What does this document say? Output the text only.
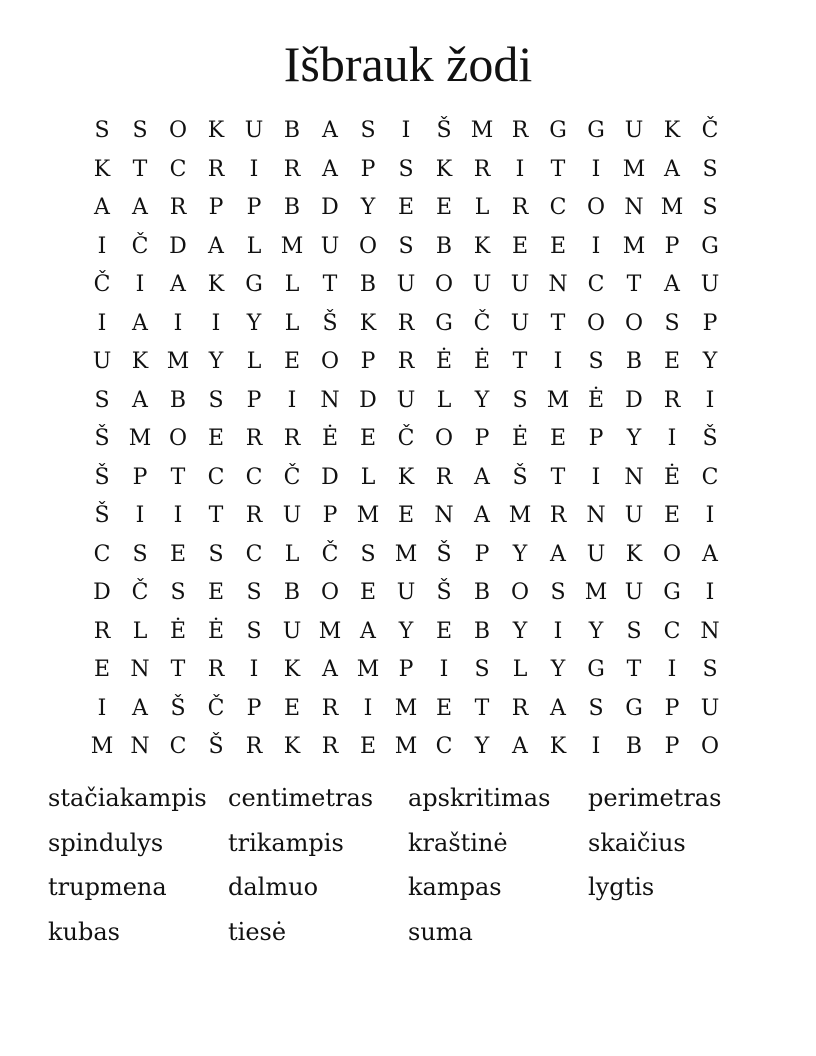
Išbrauk žodi
S	S O K U B A	S	I	Š M R G G U K Č
K	T	C R	I	R A	P	S	K R	I	T	I	M A	S
A	A R	P	P	B D Y	E E	L	R C O N M S
I	Č D A	L M U O S	B K E E	I	M P G
Č	I	A K G L	T	B U O U U N C	T	A U
I	A	I	I	Y	L	Š	K R G Č U T O O S	P
U K M Y	L	E O P	R Ė Ė	T	I	S	B E	Y
S	A B	S	P	I	N D U L	Y	S M Ė D R	I
Š M O E R R Ė E Č O P	Ė E	P	Y	I	Š
Š	P	T	C C Č D L	K R A	Š	T	I	N Ė C
Š	I	I	T	R U P M E N A M R N U E	I
C	S	E	S	C	L	Č	S M Š	P	Y	A U K O A
D Č	S	E	S	B O E U Š	B O S M U G	I
R	L	Ė Ė	S U M A	Y	E B	Y	I	Y	S	C N
E N T	R	I	K A M P	I	S	L	Y G T	I	S
I	A	Š	Č	P	E R	I	M E	T	R A	S G P U
M N C	Š	R K R E M C	Y	A K	I	B	P O
stačiakampis centimetras	apskritimas	perimetras
spindulys	trikampis	kraštinė	skaičius
trupmena	dalmuo	kampas	lygtis
kubas	tiesė	suma
